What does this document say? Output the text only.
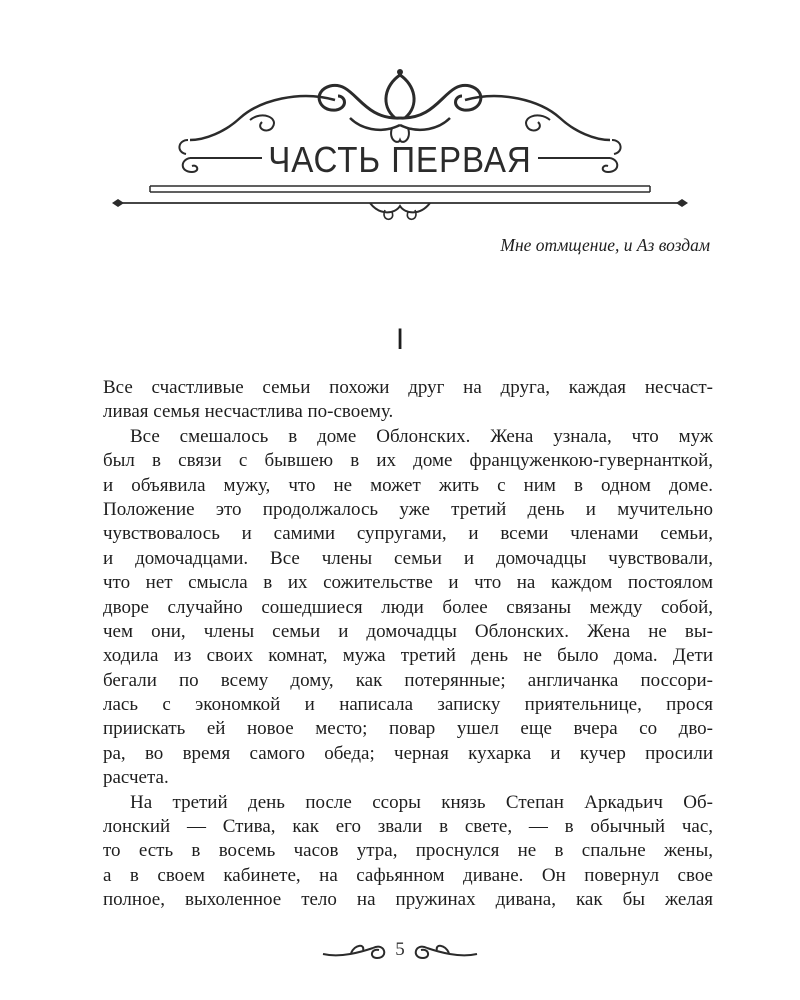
ЧАСТЬ ПЕРВАЯ
Мне отмщение, и Аз воздам
I
Все счастливые семьи похожи друг на друга, каждая несчаст-
ливая семья несчастлива по-своему.
Все смешалось в доме Облонских. Жена узнала, что муж
был в связи с бывшею в их доме француженкою-гувернанткой,
и объявила мужу, что не может жить с ним в одном доме.
Положение это продолжалось уже третий день и мучительно
чувствовалось и самими супругами, и всеми членами семьи,
и домочадцами. Все члены семьи и домочадцы чувствовали,
что нет смысла в их сожительстве и что на каждом постоялом
дворе случайно сошедшиеся люди более связаны между собой,
чем они, члены семьи и домочадцы Облонских. Жена не вы-
ходила из своих комнат, мужа третий день не было дома. Дети
бегали по всему дому, как потерянные; англичанка поссори-
лась с экономкой и написала записку приятельнице, прося
приискать ей новое место; повар ушел еще вчера со дво-
ра, во время самого обеда; черная кухарка и кучер просили
расчета.
На третий день после ссоры князь Степан Аркадьич Об-
лонский — Стива, как его звали в свете, — в обычный час,
то есть в восемь часов утра, проснулся не в спальне жены,
а в своем кабинете, на сафьянном диване. Он повернул свое
полное, выхоленное тело на пружинах дивана, как бы желая
5
